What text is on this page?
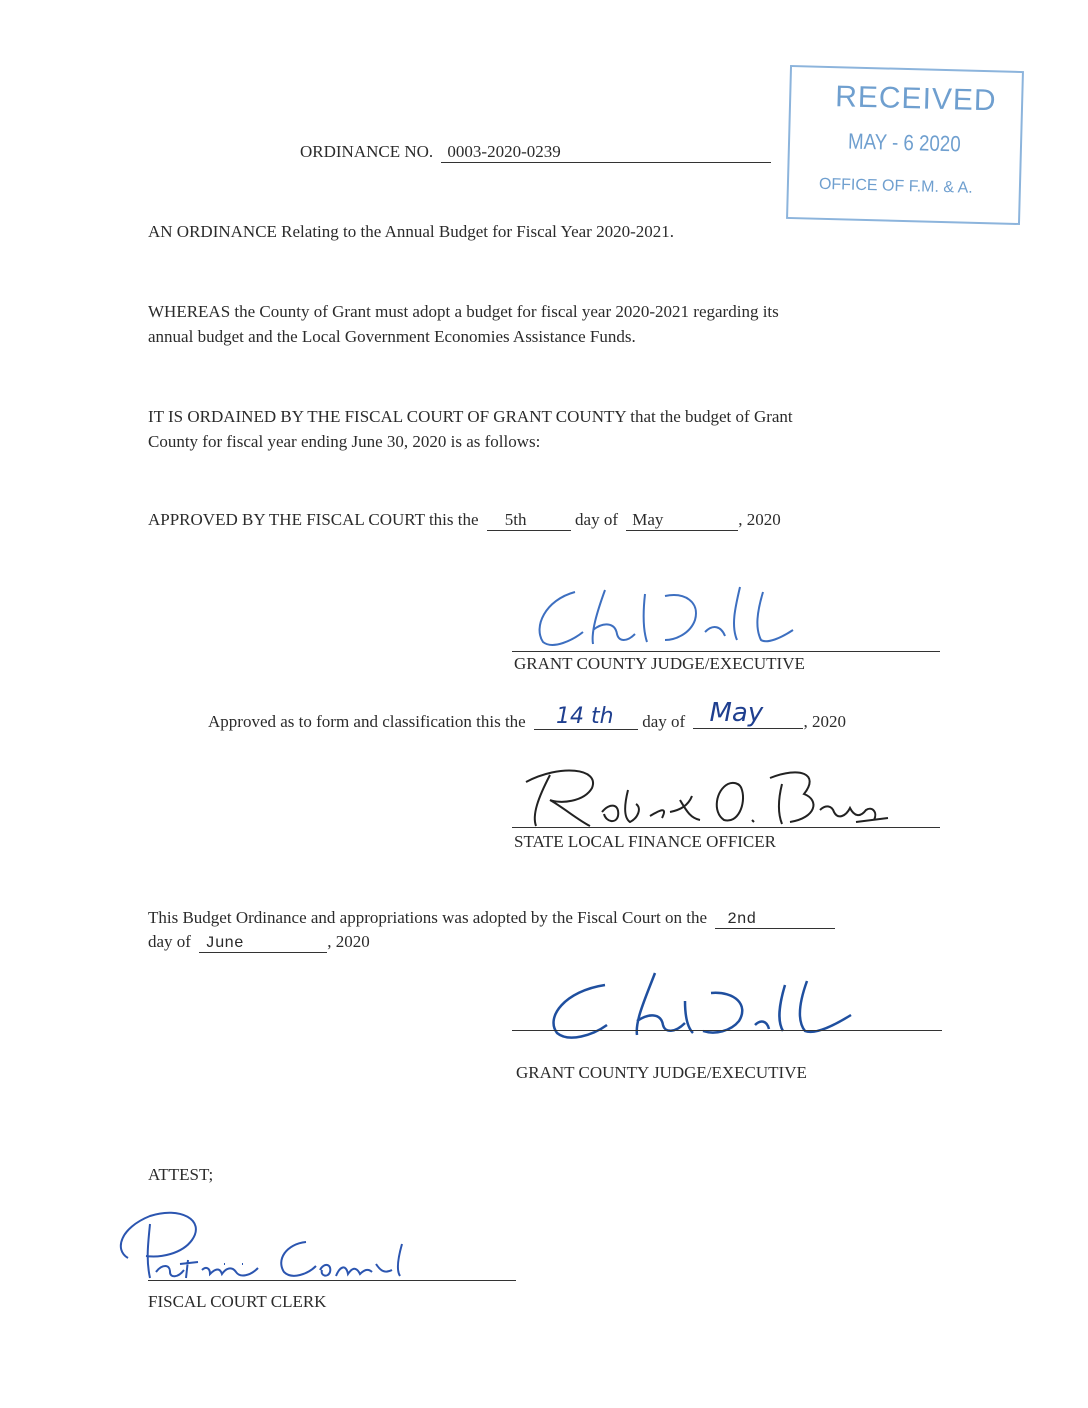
RECEIVED
MAY - 6 2020
OFFICE OF F.M. & A.
ORDINANCE NO. 0003-2020-0239
AN ORDINANCE Relating to the Annual Budget for Fiscal Year 2020-2021.
WHEREAS the County of Grant must adopt a budget for fiscal year 2020-2021 regarding its
annual budget and the Local Government Economies Assistance Funds.
IT IS ORDAINED BY THE FISCAL COURT OF GRANT COUNTY that the budget of Grant
County for fiscal year ending June 30, 2020 is as follows:
APPROVED BY THE FISCAL COURT this the 5th	day of May	, 2020
GRANT COUNTY JUDGE/EXECUTIVE
Approved as to form and classification this the 14 th day of May , 2020
STATE LOCAL FINANCE OFFICER
This Budget Ordinance and appropriations was adopted by the Fiscal Court on the 2nd
day of June	, 2020
GRANT COUNTY JUDGE/EXECUTIVE
ATTEST;
FISCAL COURT CLERK
